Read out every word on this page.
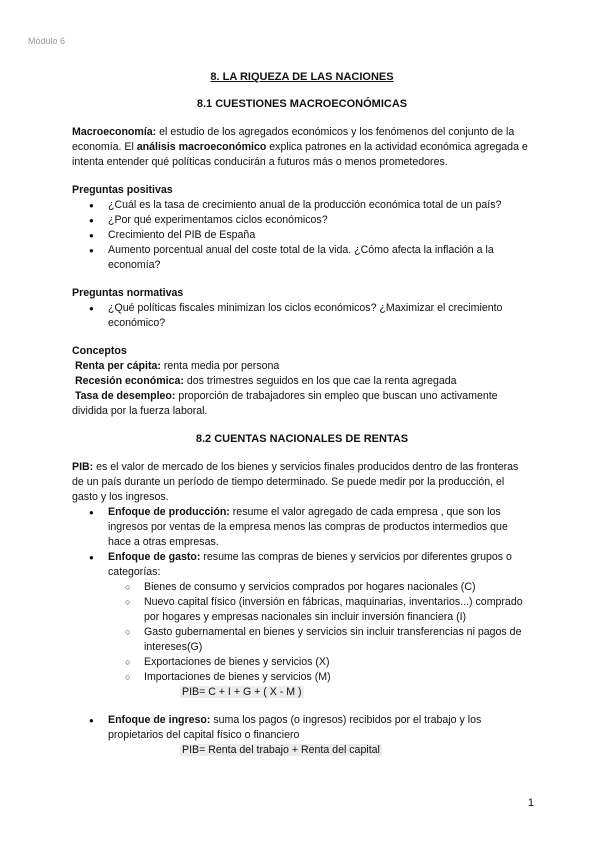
Módulo 6

8. LA RIQUEZA DE LAS NACIONES

8.1 CUESTIONES MACROECONÓMICAS

Macroeconomía: el estudio de los agregados económicos y los fenómenos del conjunto de la economía. El análisis macroeconómico explica patrones en la actividad económica agregada e intenta entender qué políticas conducirán a futuros más o menos prometedores.

Preguntas positivas

● ¿Cuál es la tasa de crecimiento anual de la producción económica total de un país?
● ¿Por qué experimentamos ciclos económicos?
● Crecimiento del PIB de España
● Aumento porcentual anual del coste total de la vida. ¿Cómo afecta la inflación a la economía?

Preguntas normativas

● ¿Qué políticas fiscales minimizan los ciclos económicos? ¿Maximizar el crecimiento económico?

Conceptos

Renta per cápita: renta media por persona

Recesión económica: dos trimestres seguidos en los que cae la renta agregada

Tasa de desempleo: proporción de trabajadores sin empleo que buscan uno activamente dividida por la fuerza laboral.

8.2 CUENTAS NACIONALES DE RENTAS

PIB: es el valor de mercado de los bienes y servicios finales producidos dentro de las fronteras de un país durante un período de tiempo determinado. Se puede medir por la producción, el gasto y los ingresos.

● Enfoque de producción: resume el valor agregado de cada empresa , que son los ingresos por ventas de la empresa menos las compras de productos intermedios que hace a otras empresas.
● Enfoque de gasto: resume las compras de bienes y servicios por diferentes grupos o categorías:
○ Bienes de consumo y servicios comprados por hogares nacionales (C)
○ Nuevo capital físico (inversión en fábricas, maquinarias, inventarios...) comprado por hogares y empresas nacionales sin incluir inversión financiera (I)
○ Gasto gubernamental en bienes y servicios sin incluir transferencias ni pagos de intereses(G)
○ Exportaciones de bienes y servicios (X)
○ Importaciones de bienes y servicios (M)

PIB= C + I + G + ( X - M )

● Enfoque de ingreso: suma los pagos (o ingresos) recibidos por el trabajo y los propietarios del capital físico o financiero

PIB= Renta del trabajo + Renta del capital

1
